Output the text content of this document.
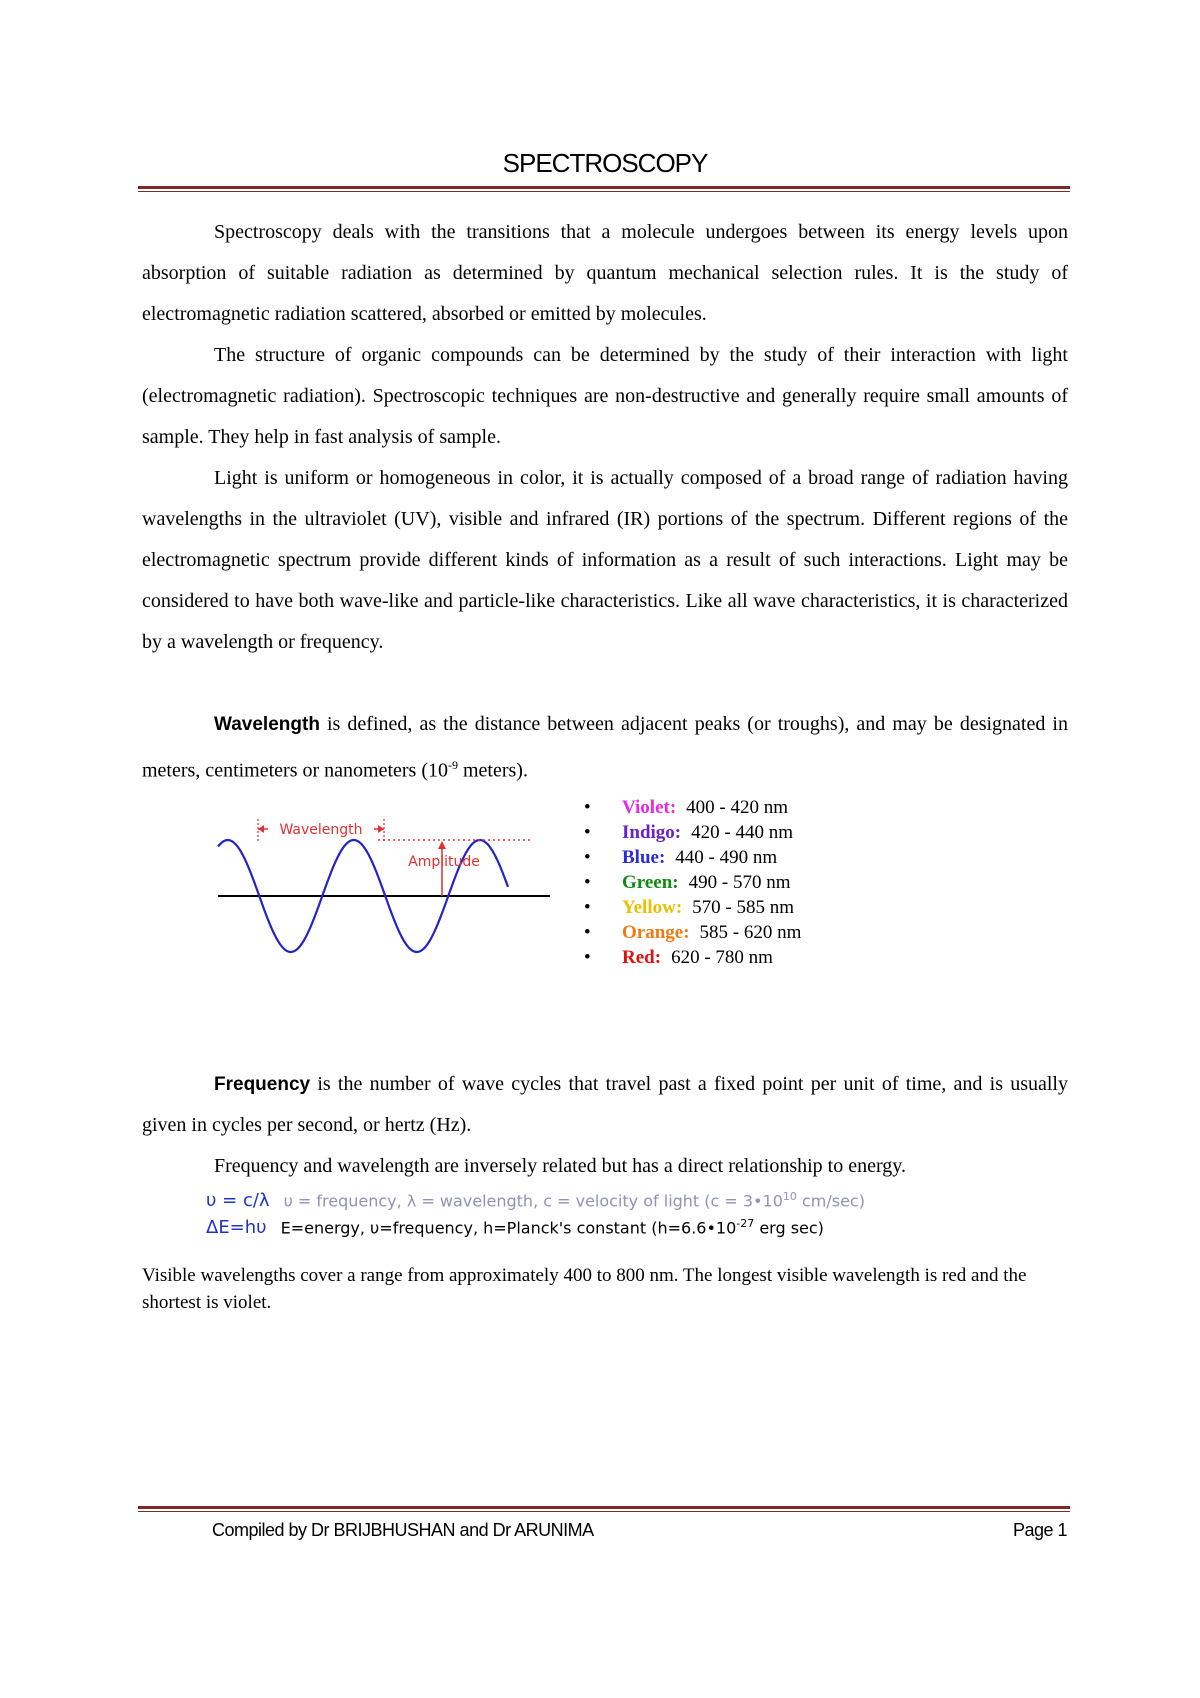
SPECTROSCOPY

Spectroscopy deals with the transitions that a molecule undergoes between its energy levels upon absorption of suitable radiation as determined by quantum mechanical selection rules. It is the study of electromagnetic radiation scattered, absorbed or emitted by molecules.

The structure of organic compounds can be determined by the study of their interaction with light (electromagnetic radiation). Spectroscopic techniques are non-destructive and generally require small amounts of sample. They help in fast analysis of sample.

Light is uniform or homogeneous in color, it is actually composed of a broad range of radiation having wavelengths in the ultraviolet (UV), visible and infrared (IR) portions of the spectrum. Different regions of the electromagnetic spectrum provide different kinds of information as a result of such interactions. Light may be considered to have both wave-like and particle-like characteristics. Like all wave characteristics, it is characterized by a wavelength or frequency.

Wavelength is defined, as the distance between adjacent peaks (or troughs), and may be designated in meters, centimeters or nanometers ($10^{-9}$ meters).

Wavelength
Amplitude
• Violet: 400 - 420 nm
• Indigo: 420 - 440 nm
• Blue: 440 - 490 nm
• Green: 490 - 570 nm
• Yellow: 570 - 585 nm
• Orange: 585 - 620 nm
• Red: 620 - 780 nm

Frequency is the number of wave cycles that travel past a fixed point per unit of time, and is usually given in cycles per second, or hertz (Hz).

Frequency and wavelength are inversely related but has a direct relationship to energy.

υ = c/λ υ = frequency, λ = wavelength, c = velocity of light ($c = 3•10^{10}$ cm/sec)
ΔE=hυ E=energy, υ=frequency, h=Planck's constant ($h=6.6•10^{-27}$ erg sec)

Visible wavelengths cover a range from approximately 400 to 800 nm. The longest visible wavelength is red and the shortest is violet.

Compiled by Dr BRIJBHUSHAN and Dr ARUNIMA	Page 1
